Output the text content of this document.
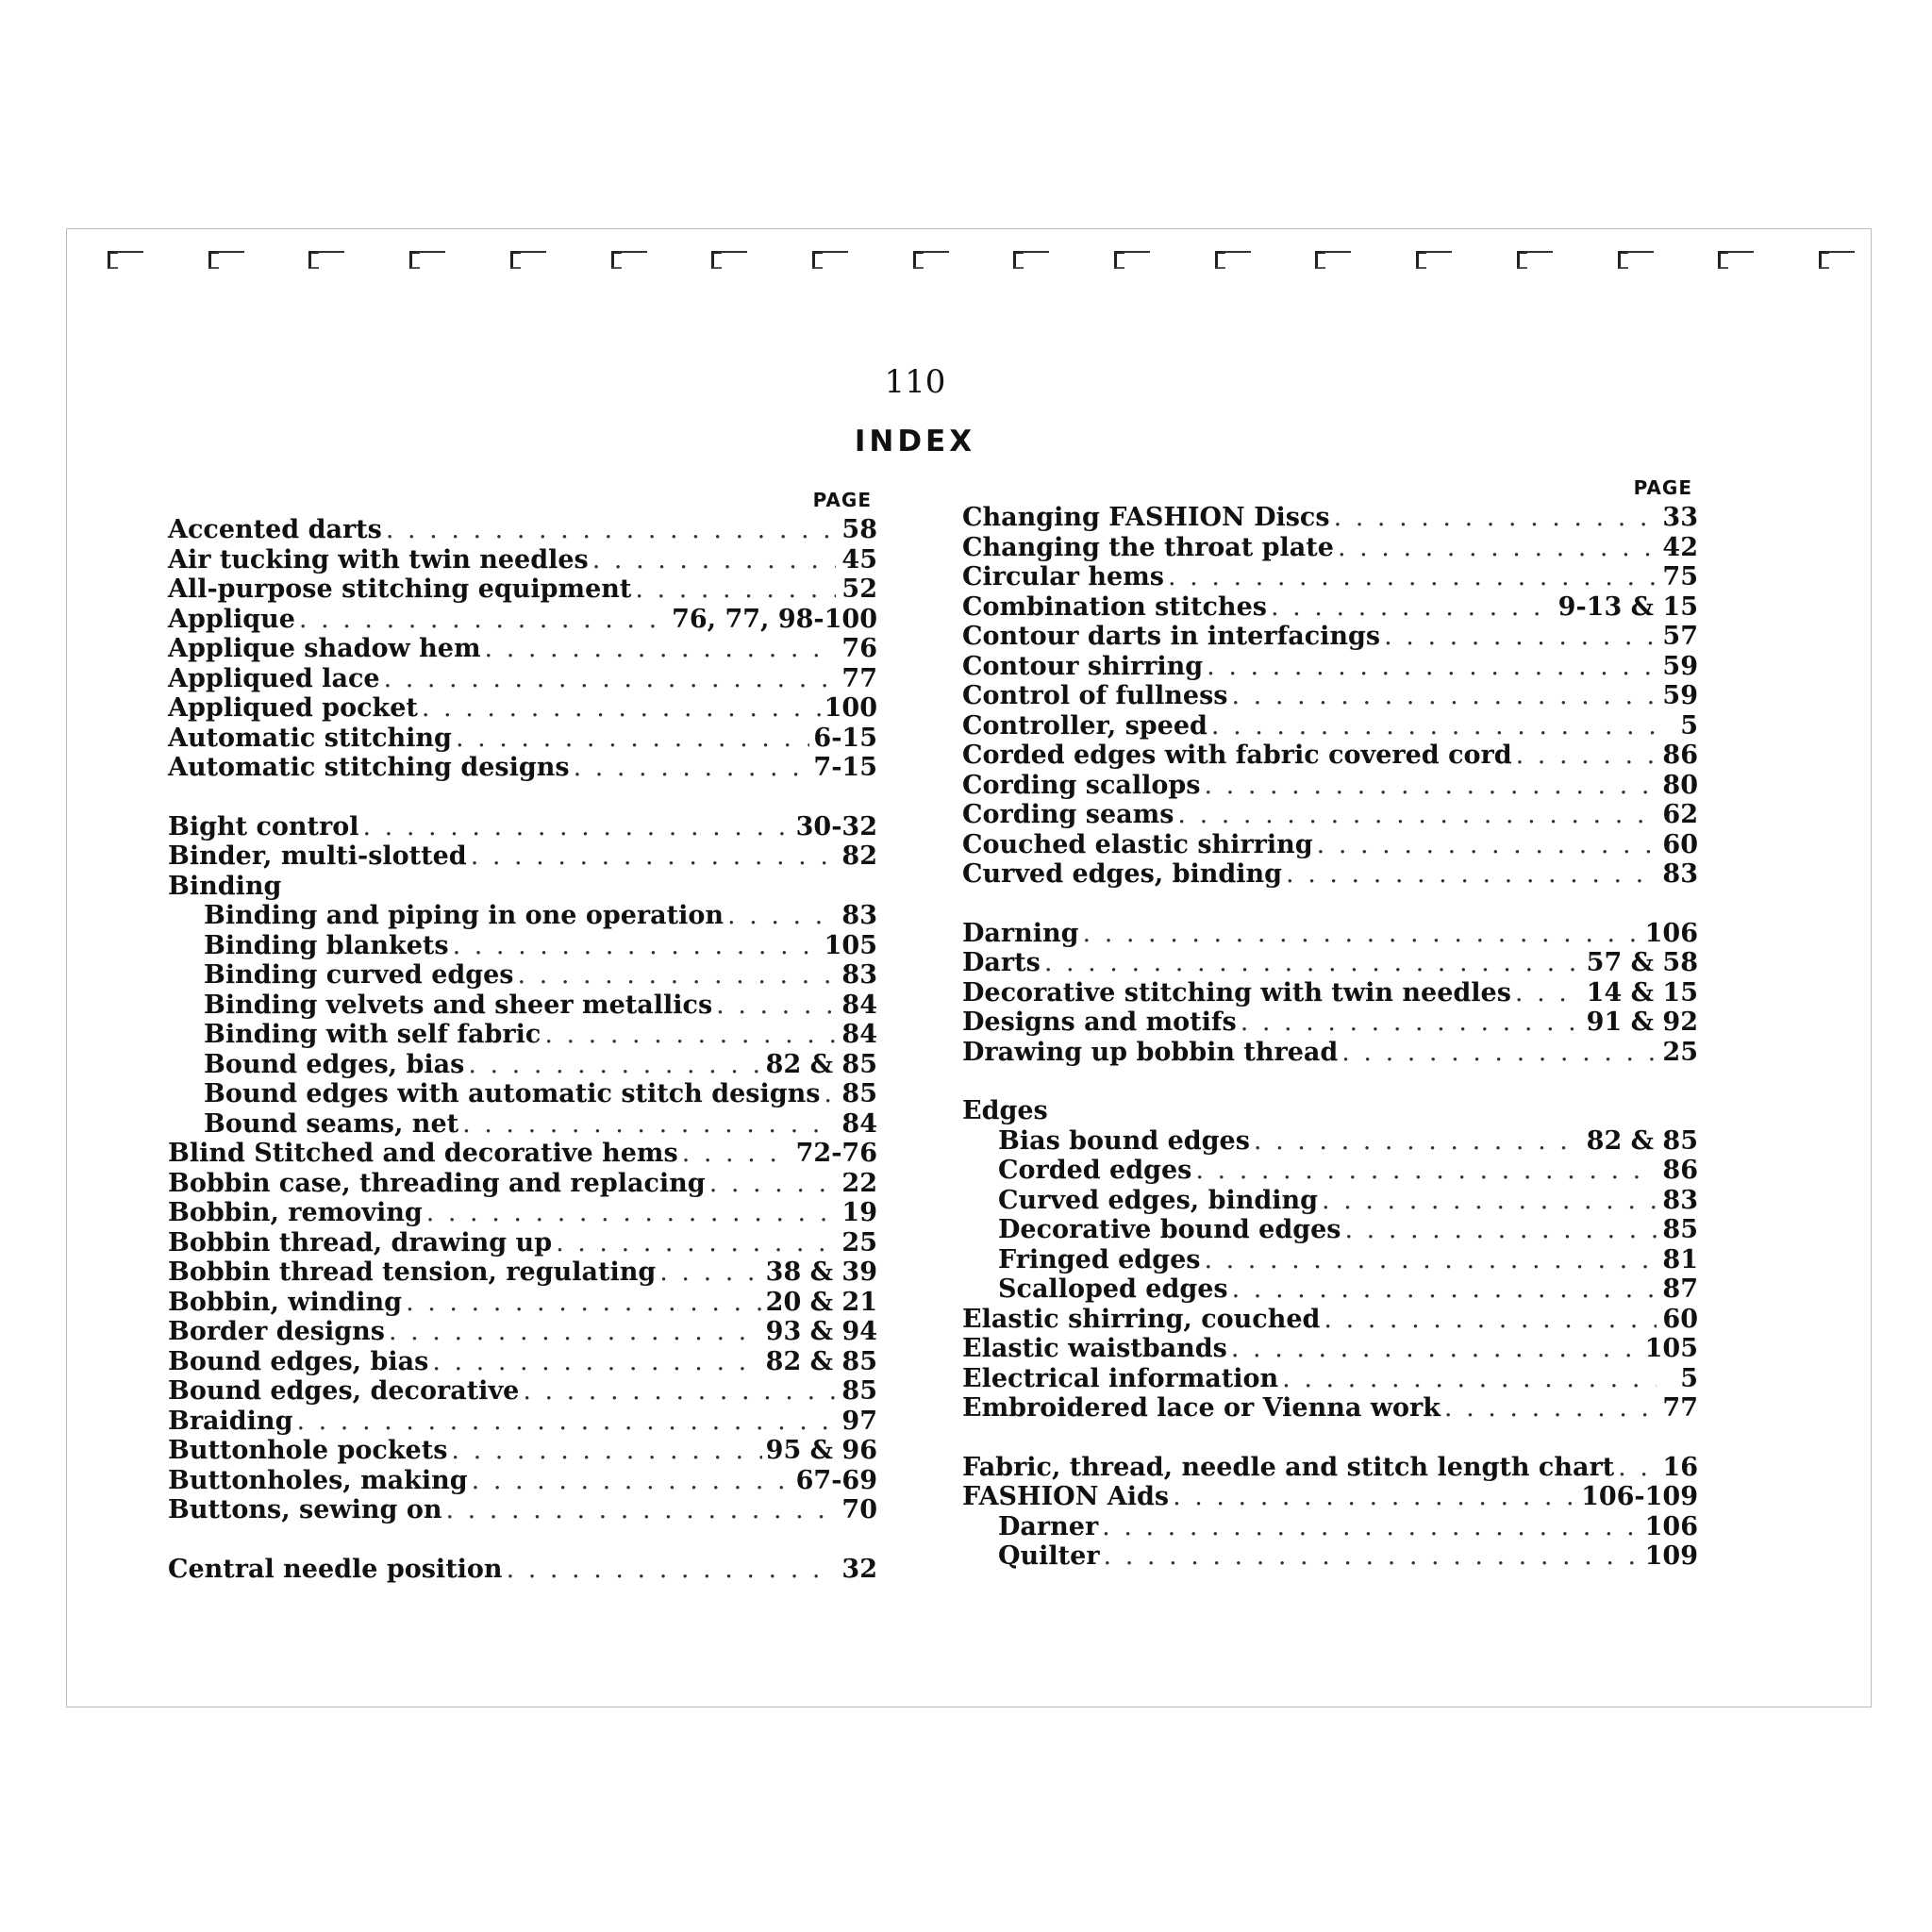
110
INDEX
PAGE
Accented darts . . .	58
Air tucking with twin needles . . .	45
All-purpose stitching equipment . . .	52
Applique . . .	76, 77, 98-100
Applique shadow hem . . .	76
Appliqued lace . . .	77
Appliqued pocket . . .	100
Automatic stitching . . .	6-15
Automatic stitching designs . . .	7-15
Bight control . . .	30-32
Binder, multi-slotted . . .	82
Binding
Binding and piping in one operation . . .	83
Binding blankets . . .	105
Binding curved edges . . .	83
Binding velvets and sheer metallics . . .	84
Binding with self fabric . . .	84
Bound edges, bias . . .	82 & 85
Bound edges with automatic stitch designs . . . 85
Bound seams, net . . .	84
Blind Stitched and decorative hems . . .	72-76
Bobbin case, threading and replacing . . .	22
Bobbin, removing . . .	19
Bobbin thread, drawing up . . .	25
Bobbin thread tension, regulating . . .	38 & 39
Bobbin, winding . . .	20 & 21
Border designs . . .	93 & 94
Bound edges, bias . . .	82 & 85
Bound edges, decorative . . .	85
Braiding . . .	97
Buttonhole pockets . . .	95 & 96
Buttonholes, making . . .	67-69
Buttons, sewing on . . .	70
Central needle position . . .	32
PAGE
Changing FASHION Discs . . .	33
Changing the throat plate . . .	42
Circular hems . . .	75
Combination stitches . . .	9-13 & 15
Contour darts in interfacings . . .	57
Contour shirring . . .	59
Control of fullness . . .	59
Controller, speed . . .	5
Corded edges with fabric covered cord . . .	86
Cording scallops . . .	80
Cording seams . . .	62
Couched elastic shirring . . .	60
Curved edges, binding . . .	83
Darning . . .	106
Darts . . .	57 & 58
Decorative stitching with twin needles . . .	14 & 15
Designs and motifs . . .	91 & 92
Drawing up bobbin thread . . .	25
Edges
Bias bound edges . . .	82 & 85
Corded edges . . .	86
Curved edges, binding . . .	83
Decorative bound edges . . .	85
Fringed edges . . .	81
Scalloped edges . . .	87
Elastic shirring, couched . . .	60
Elastic waistbands . . .	105
Electrical information . . .	5
Embroidered lace or Vienna work . . .	77
Fabric, thread, needle and stitch length chart . . . 16
FASHION Aids . . .	106-109
Darner . . .	106
Quilter . . .	109
